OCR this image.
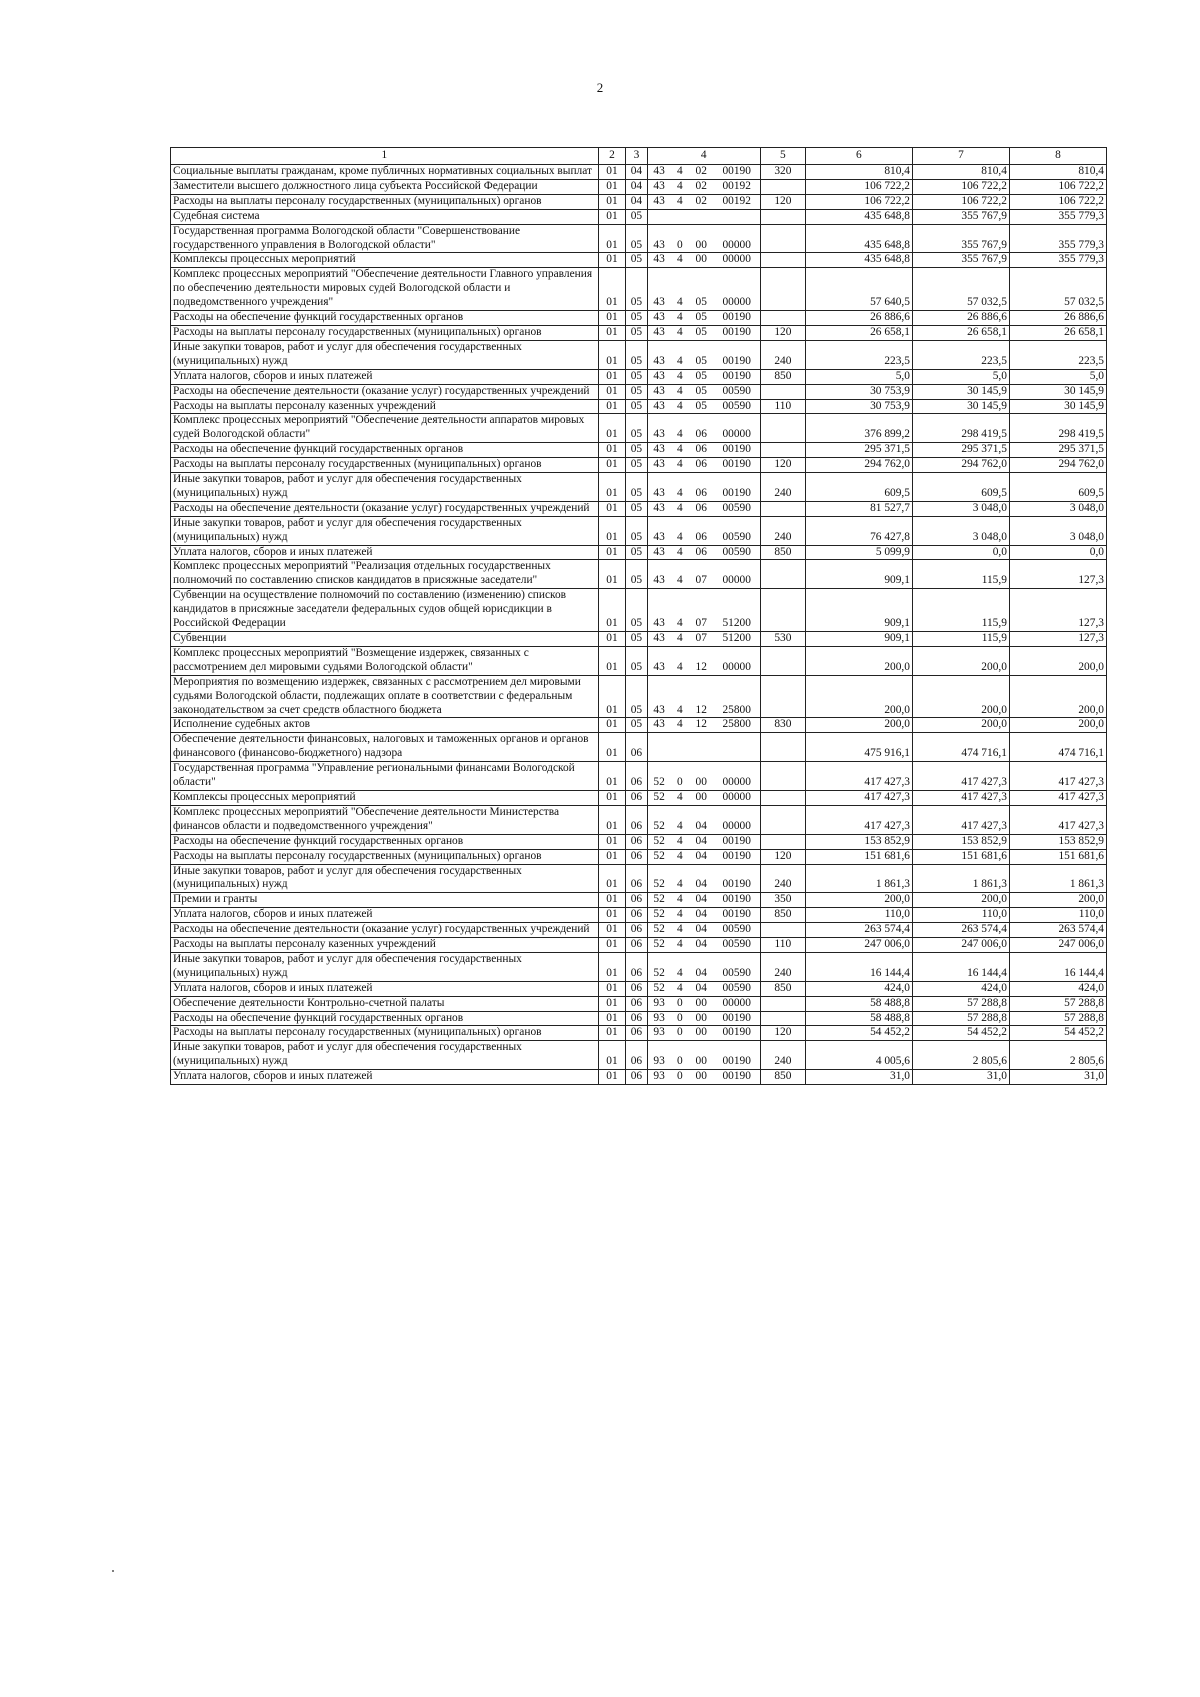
2
1	2	3	4				5	6	7	8
Социальные выплаты гражданам, кроме публичных нормативных социальных выплат	01	04	43	4	02	00190	320	810,4	810,4	810,4
Заместители высшего должностного лица субъекта Российской Федерации	01	04	43	4	02	00192		106 722,2	106 722,2	106 722,2
Расходы на выплаты персоналу государственных (муниципальных) органов	01	04	43	4	02	00192	120	106 722,2	106 722,2	106 722,2
Судебная система	01	05						435 648,8	355 767,9	355 779,3
Государственная программа Вологодской области "Совершенствование государственного управления в Вологодской области"	01	05	43	0	00	00000		435 648,8	355 767,9	355 779,3
Комплексы процессных мероприятий	01	05	43	4	00	00000		435 648,8	355 767,9	355 779,3
Комплекс процессных мероприятий "Обеспечение деятельности Главного управления по обеспечению деятельности мировых судей Вологодской области и подведомственного учреждения"	01	05	43	4	05	00000		57 640,5	57 032,5	57 032,5
Расходы на обеспечение функций государственных органов	01	05	43	4	05	00190		26 886,6	26 886,6	26 886,6
Расходы на выплаты персоналу государственных (муниципальных) органов	01	05	43	4	05	00190	120	26 658,1	26 658,1	26 658,1
Иные закупки товаров, работ и услуг для обеспечения государственных (муниципальных) нужд	01	05	43	4	05	00190	240	223,5	223,5	223,5
Уплата налогов, сборов и иных платежей	01	05	43	4	05	00190	850	5,0	5,0	5,0
Расходы на обеспечение деятельности (оказание услуг) государственных учреждений	01	05	43	4	05	00590		30 753,9	30 145,9	30 145,9
Расходы на выплаты персоналу казенных учреждений	01	05	43	4	05	00590	110	30 753,9	30 145,9	30 145,9
Комплекс процессных мероприятий "Обеспечение деятельности аппаратов мировых судей Вологодской области"	01	05	43	4	06	00000		376 899,2	298 419,5	298 419,5
Расходы на обеспечение функций государственных органов	01	05	43	4	06	00190		295 371,5	295 371,5	295 371,5
Расходы на выплаты персоналу государственных (муниципальных) органов	01	05	43	4	06	00190	120	294 762,0	294 762,0	294 762,0
Иные закупки товаров, работ и услуг для обеспечения государственных (муниципальных) нужд	01	05	43	4	06	00190	240	609,5	609,5	609,5
Расходы на обеспечение деятельности (оказание услуг) государственных учреждений	01	05	43	4	06	00590		81 527,7	3 048,0	3 048,0
Иные закупки товаров, работ и услуг для обеспечения государственных (муниципальных) нужд	01	05	43	4	06	00590	240	76 427,8	3 048,0	3 048,0
Уплата налогов, сборов и иных платежей	01	05	43	4	06	00590	850	5 099,9	0,0	0,0
Комплекс процессных мероприятий "Реализация отдельных государственных полномочий по составлению списков кандидатов в присяжные заседатели"	01	05	43	4	07	00000		909,1	115,9	127,3
Субвенции на осуществление полномочий по составлению (изменению) списков кандидатов в присяжные заседатели федеральных судов общей юрисдикции в Российской Федерации	01	05	43	4	07	51200		909,1	115,9	127,3
Субвенции	01	05	43	4	07	51200	530	909,1	115,9	127,3
Комплекс процессных мероприятий "Возмещение издержек, связанных с рассмотрением дел мировыми судьями Вологодской области"	01	05	43	4	12	00000		200,0	200,0	200,0
Мероприятия по возмещению издержек, связанных с рассмотрением дел мировыми судьями Вологодской области, подлежащих оплате в соответствии с федеральным законодательством за счет средств областного бюджета	01	05	43	4	12	25800		200,0	200,0	200,0
Исполнение судебных актов	01	05	43	4	12	25800	830	200,0	200,0	200,0
Обеспечение деятельности финансовых, налоговых и таможенных органов и органов финансового (финансово-бюджетного) надзора	01	06						475 916,1	474 716,1	474 716,1
Государственная программа "Управление региональными финансами Вологодской области"	01	06	52	0	00	00000		417 427,3	417 427,3	417 427,3
Комплексы процессных мероприятий	01	06	52	4	00	00000		417 427,3	417 427,3	417 427,3
Комплекс процессных мероприятий "Обеспечение деятельности Министерства финансов области и подведомственного учреждения"	01	06	52	4	04	00000		417 427,3	417 427,3	417 427,3
Расходы на обеспечение функций государственных органов	01	06	52	4	04	00190		153 852,9	153 852,9	153 852,9
Расходы на выплаты персоналу государственных (муниципальных) органов	01	06	52	4	04	00190	120	151 681,6	151 681,6	151 681,6
Иные закупки товаров, работ и услуг для обеспечения государственных (муниципальных) нужд	01	06	52	4	04	00190	240	1 861,3	1 861,3	1 861,3
Премии и гранты	01	06	52	4	04	00190	350	200,0	200,0	200,0
Уплата налогов, сборов и иных платежей	01	06	52	4	04	00190	850	110,0	110,0	110,0
Расходы на обеспечение деятельности (оказание услуг) государственных учреждений	01	06	52	4	04	00590		263 574,4	263 574,4	263 574,4
Расходы на выплаты персоналу казенных учреждений	01	06	52	4	04	00590	110	247 006,0	247 006,0	247 006,0
Иные закупки товаров, работ и услуг для обеспечения государственных (муниципальных) нужд	01	06	52	4	04	00590	240	16 144,4	16 144,4	16 144,4
Уплата налогов, сборов и иных платежей	01	06	52	4	04	00590	850	424,0	424,0	424,0
Обеспечение деятельности Контрольно-счетной палаты	01	06	93	0	00	00000		58 488,8	57 288,8	57 288,8
Расходы на обеспечение функций государственных органов	01	06	93	0	00	00190		58 488,8	57 288,8	57 288,8
Расходы на выплаты персоналу государственных (муниципальных) органов	01	06	93	0	00	00190	120	54 452,2	54 452,2	54 452,2
Иные закупки товаров, работ и услуг для обеспечения государственных (муниципальных) нужд	01	06	93	0	00	00190	240	4 005,6	2 805,6	2 805,6
Уплата налогов, сборов и иных платежей	01	06	93	0	00	00190	850	31,0	31,0	31,0
